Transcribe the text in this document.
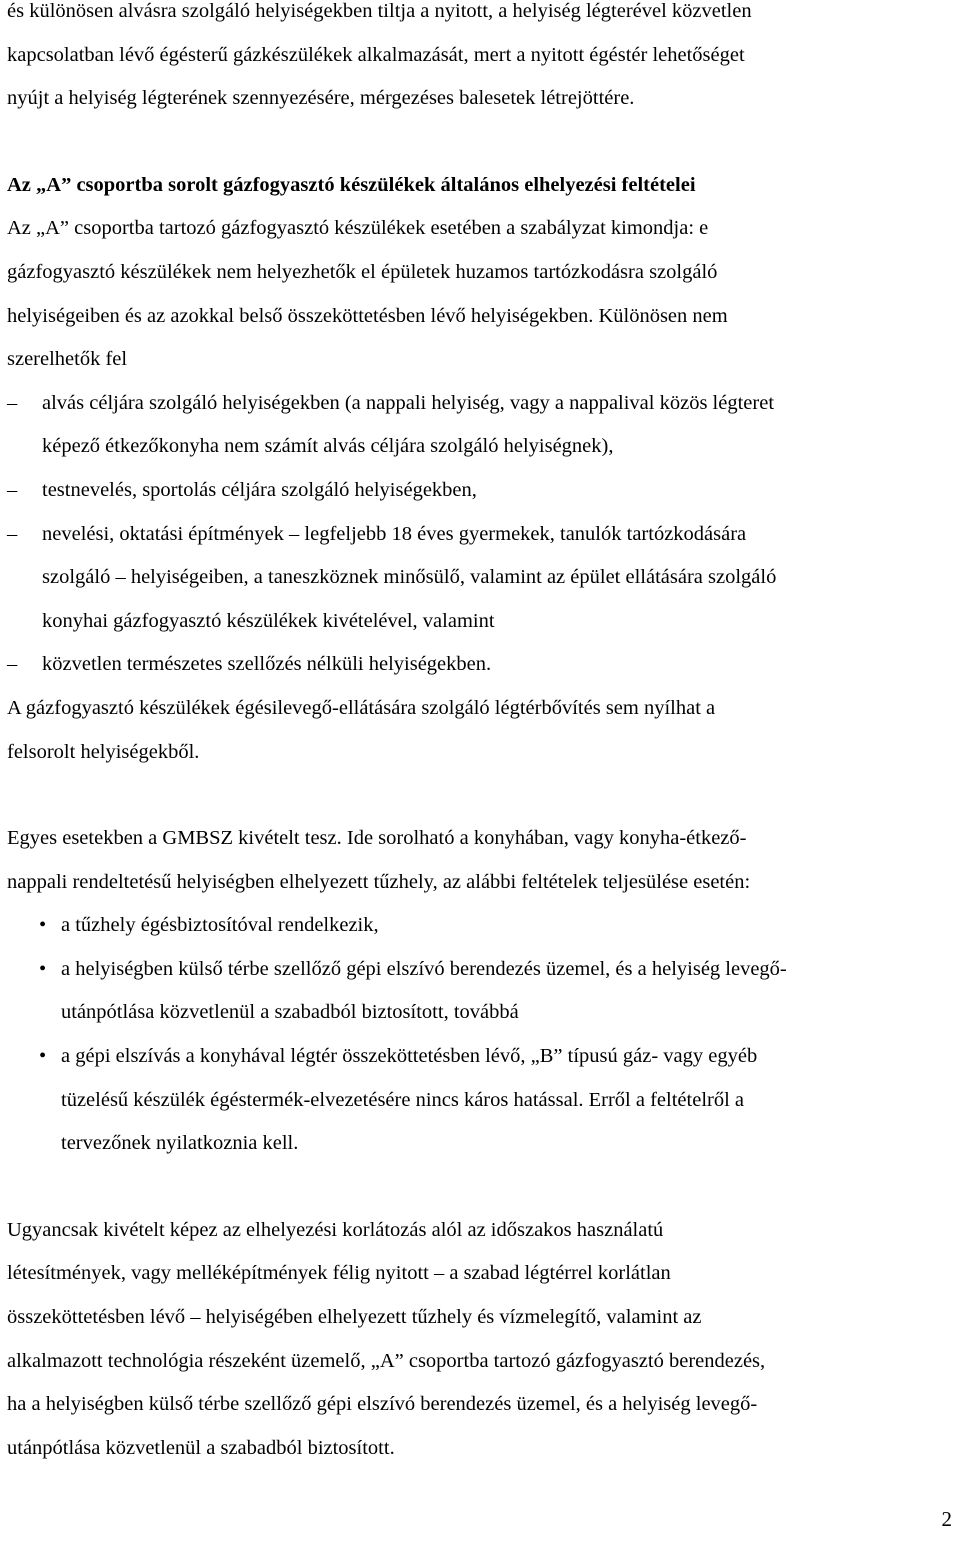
és különösen alvásra szolgáló helyiségekben tiltja a nyitott, a helyiség légterével közvetlen
kapcsolatban lévő égésterű gázkészülékek alkalmazását, mert a nyitott égéstér lehetőséget
nyújt a helyiség légterének szennyezésére, mérgezéses balesetek létrejöttére.
Az „A” csoportba sorolt gázfogyasztó készülékek általános elhelyezési feltételei
Az „A” csoportba tartozó gázfogyasztó készülékek esetében a szabályzat kimondja: e
gázfogyasztó készülékek nem helyezhetők el épületek huzamos tartózkodásra szolgáló
helyiségeiben és az azokkal belső összeköttetésben lévő helyiségekben. Különösen nem
szerelhetők fel
– alvás céljára szolgáló helyiségekben (a nappali helyiség, vagy a nappalival közös légteret
képező étkezőkonyha nem számít alvás céljára szolgáló helyiségnek),
– testnevelés, sportolás céljára szolgáló helyiségekben,
– nevelési, oktatási építmények – legfeljebb 18 éves gyermekek, tanulók tartózkodására
szolgáló – helyiségeiben, a taneszköznek minősülő, valamint az épület ellátására szolgáló
konyhai gázfogyasztó készülékek kivételével, valamint
– közvetlen természetes szellőzés nélküli helyiségekben.
A gázfogyasztó készülékek égésilevegő-ellátására szolgáló légtérbővítés sem nyílhat a
felsorolt helyiségekből.
Egyes esetekben a GMBSZ kivételt tesz. Ide sorolható a konyhában, vagy konyha-étkező-
nappali rendeltetésű helyiségben elhelyezett tűzhely, az alábbi feltételek teljesülése esetén:
• a tűzhely égésbiztosítóval rendelkezik,
• a helyiségben külső térbe szellőző gépi elszívó berendezés üzemel, és a helyiség levegő-
utánpótlása közvetlenül a szabadból biztosított, továbbá
• a gépi elszívás a konyhával légtér összeköttetésben lévő, „B” típusú gáz- vagy egyéb
tüzelésű készülék égéstermék-elvezetésére nincs káros hatással. Erről a feltételről a
tervezőnek nyilatkoznia kell.
Ugyancsak kivételt képez az elhelyezési korlátozás alól az időszakos használatú
létesítmények, vagy melléképítmények félig nyitott – a szabad légtérrel korlátlan
összeköttetésben lévő – helyiségében elhelyezett tűzhely és vízmelegítő, valamint az
alkalmazott technológia részeként üzemelő, „A” csoportba tartozó gázfogyasztó berendezés,
ha a helyiségben külső térbe szellőző gépi elszívó berendezés üzemel, és a helyiség levegő-
utánpótlása közvetlenül a szabadból biztosított.
2
